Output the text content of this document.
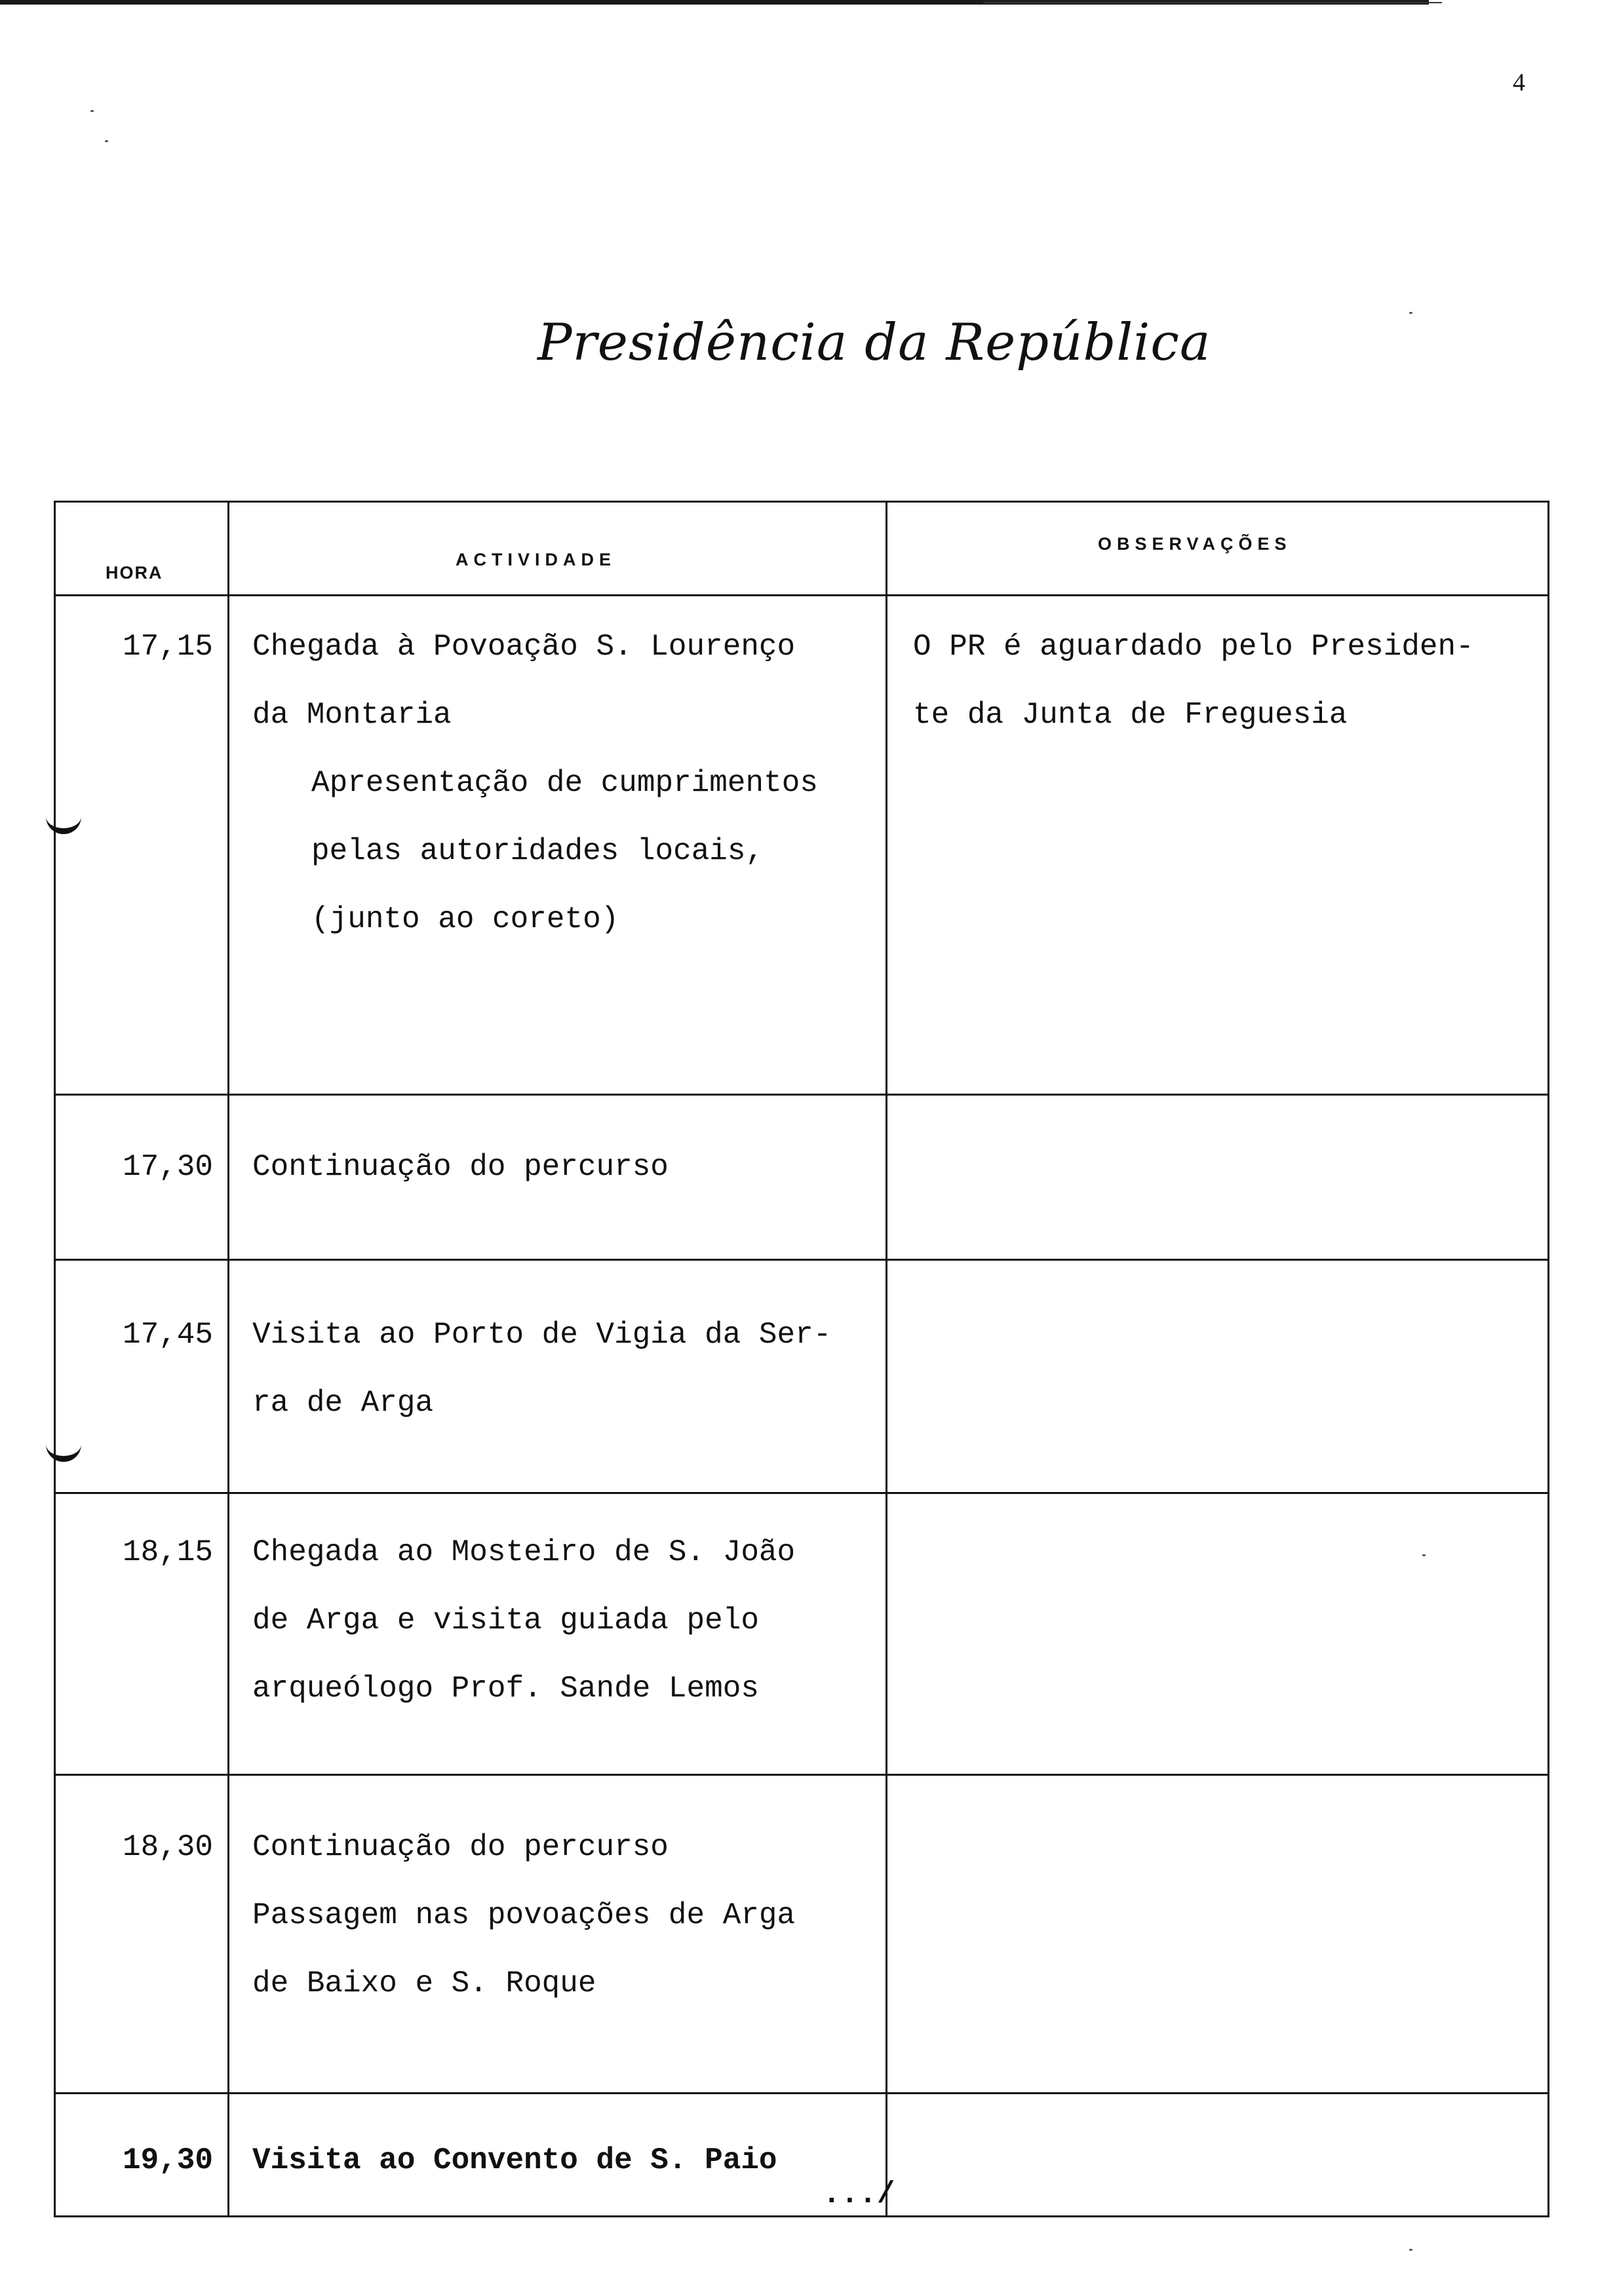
4
Presidência da República
HORA
ACTIVIDADE
OBSERVAÇÕES
17,15 Chegada à Povoação S. Lourenço
da Montaria
Apresentação de cumprimentos
pelas autoridades locais,
(junto ao coreto)
O PR é aguardado pelo Presiden-
te da Junta de Freguesia
17,30 Continuação do percurso
17,45 Visita ao Porto de Vigia da Ser-
ra de Arga
18,15 Chegada ao Mosteiro de S. João
de Arga e visita guiada pelo
arqueólogo Prof. Sande Lemos
18,30 Continuação do percurso
Passagem nas povoações de Arga
de Baixo e S. Roque
19,30 Visita ao Convento de S. Paio
.../
